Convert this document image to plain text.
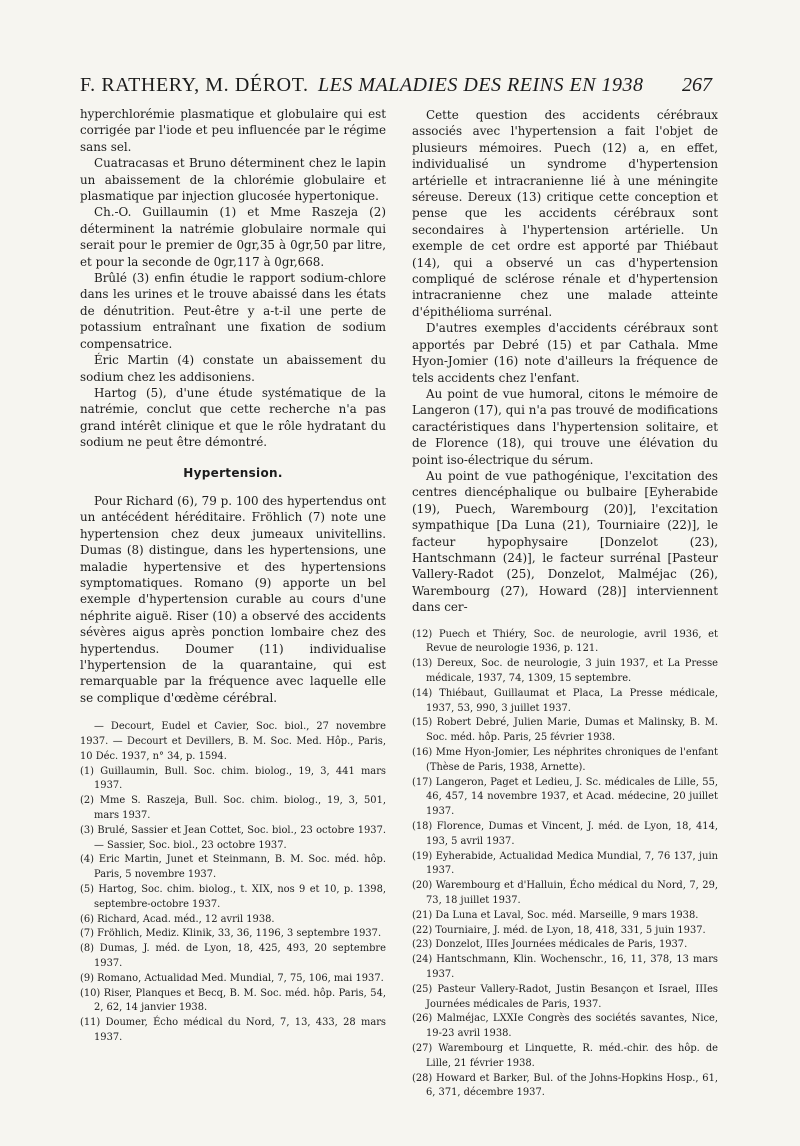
F. RATHERY, M. DÉROT. LES MALADIES DES REINS EN 1938 267

hyperchlorémie plasmatique et globulaire qui est corrigée par l'iode et peu influencée par le régime sans sel.

Cuatracasas et Bruno déterminent chez le lapin un abaissement de la chlorémie globulaire et plasmatique par injection glucosée hypertonique.

Ch.-O. Guillaumin (1) et Mme Raszeja (2) déterminent la natrémie globulaire normale qui serait pour le premier de 0gr,35 à 0gr,50 par litre, et pour la seconde de 0gr,117 à 0gr,668.

Brûlé (3) enfin étudie le rapport sodium-chlore dans les urines et le trouve abaissé dans les états de dénutrition. Peut-être y a-t-il une perte de potassium entraînant une fixation de sodium compensatrice.

Éric Martin (4) constate un abaissement du sodium chez les addisoniens.

Hartog (5), d'une étude systématique de la natrémie, conclut que cette recherche n'a pas grand intérêt clinique et que le rôle hydratant du sodium ne peut être démontré.

Hypertension.

Pour Richard (6), 79 p. 100 des hypertendus ont un antécédent héréditaire. Fröhlich (7) note une hypertension chez deux jumeaux univitellins. Dumas (8) distingue, dans les hypertensions, une maladie hypertensive et des hypertensions symptomatiques. Romano (9) apporte un bel exemple d'hypertension curable au cours d'une néphrite aiguë. Riser (10) a observé des accidents sévères aigus après ponction lombaire chez des hypertendus. Doumer (11) individualise l'hypertension de la quarantaine, qui est remarquable par la fréquence avec laquelle elle se complique d'œdème cérébral.

— Decourt, Eudel et Cavier, Soc. biol., 27 novembre 1937. — Decourt et Devillers, B. M. Soc. Med. Hôp., Paris, 10 Déc. 1937, n° 34, p. 1594.

(1) Guillaumin, Bull. Soc. chim. biolog., 19, 3, 441 mars 1937.

(2) Mme S. Raszeja, Bull. Soc. chim. biolog., 19, 3, 501, mars 1937.

(3) Brulé, Sassier et Jean Cottet, Soc. biol., 23 octobre 1937. — Sassier, Soc. biol., 23 octobre 1937.

(4) Eric Martin, Junet et Steinmann, B. M. Soc. méd. hôp. Paris, 5 novembre 1937.

(5) Hartog, Soc. chim. biolog., t. XIX, nos 9 et 10, p. 1398, septembre-octobre 1937.

(6) Richard, Acad. méd., 12 avril 1938.

(7) Fröhlich, Mediz. Klinik, 33, 36, 1196, 3 septembre 1937.

(8) Dumas, J. méd. de Lyon, 18, 425, 493, 20 septembre 1937.

(9) Romano, Actualidad Med. Mundial, 7, 75, 106, mai 1937.

(10) Riser, Planques et Becq, B. M. Soc. méd. hôp. Paris, 54, 2, 62, 14 janvier 1938.

(11) Doumer, Écho médical du Nord, 7, 13, 433, 28 mars 1937.

Cette question des accidents cérébraux associés avec l'hypertension a fait l'objet de plusieurs mémoires. Puech (12) a, en effet, individualisé un syndrome d'hypertension artérielle et intracranienne lié à une méningite séreuse. Dereux (13) critique cette conception et pense que les accidents cérébraux sont secondaires à l'hypertension artérielle. Un exemple de cet ordre est apporté par Thiébaut (14), qui a observé un cas d'hypertension compliqué de sclérose rénale et d'hypertension intracranienne chez une malade atteinte d'épithélioma surrénal.

D'autres exemples d'accidents cérébraux sont apportés par Debré (15) et par Cathala. Mme Hyon-Jomier (16) note d'ailleurs la fréquence de tels accidents chez l'enfant.

Au point de vue humoral, citons le mémoire de Langeron (17), qui n'a pas trouvé de modifications caractéristiques dans l'hypertension solitaire, et de Florence (18), qui trouve une élévation du point iso-électrique du sérum.

Au point de vue pathogénique, l'excitation des centres diencéphalique ou bulbaire [Eyherabide (19), Puech, Warembourg (20)], l'excitation sympathique [Da Luna (21), Tourniaire (22)], le facteur hypophysaire [Donzelot (23), Hantschmann (24)], le facteur surrénal [Pasteur Vallery-Radot (25), Donzelot, Malméjac (26), Warembourg (27), Howard (28)] interviennent dans cer-

(12) Puech et Thiéry, Soc. de neurologie, avril 1936, et Revue de neurologie 1936, p. 121.

(13) Dereux, Soc. de neurologie, 3 juin 1937, et La Presse médicale, 1937, 74, 1309, 15 septembre.

(14) Thiébaut, Guillaumat et Placa, La Presse médicale, 1937, 53, 990, 3 juillet 1937.

(15) Robert Debré, Julien Marie, Dumas et Malinsky, B. M. Soc. méd. hôp. Paris, 25 février 1938.

(16) Mme Hyon-Jomier, Les néphrites chroniques de l'enfant (Thèse de Paris, 1938, Arnette).

(17) Langeron, Paget et Ledieu, J. Sc. médicales de Lille, 55, 46, 457, 14 novembre 1937, et Acad. médecine, 20 juillet 1937.

(18) Florence, Dumas et Vincent, J. méd. de Lyon, 18, 414, 193, 5 avril 1937.

(19) Eyherabide, Actualidad Medica Mundial, 7, 76 137, juin 1937.

(20) Warembourg et d'Halluin, Écho médical du Nord, 7, 29, 73, 18 juillet 1937.

(21) Da Luna et Laval, Soc. méd. Marseille, 9 mars 1938.

(22) Tourniaire, J. méd. de Lyon, 18, 418, 331, 5 juin 1937.

(23) Donzelot, IIIes Journées médicales de Paris, 1937.

(24) Hantschmann, Klin. Wochenschr., 16, 11, 378, 13 mars 1937.

(25) Pasteur Vallery-Radot, Justin Besançon et Israel, IIIes Journées médicales de Paris, 1937.

(26) Malméjac, LXXIe Congrès des sociétés savantes, Nice, 19-23 avril 1938.

(27) Warembourg et Linquette, R. méd.-chir. des hôp. de Lille, 21 février 1938.

(28) Howard et Barker, Bul. of the Johns-Hopkins Hosp., 61, 6, 371, décembre 1937.
